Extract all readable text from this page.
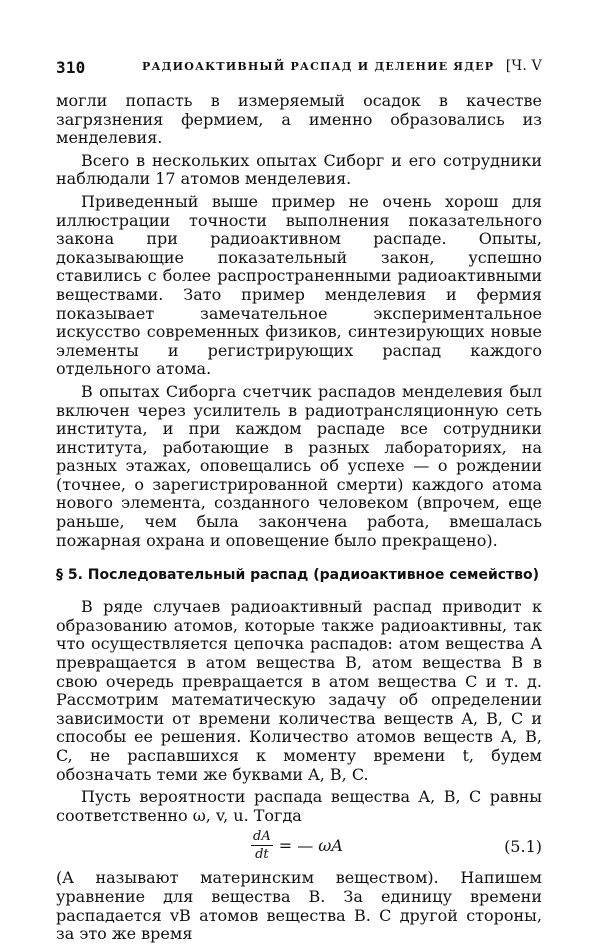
310	РАДИОАКТИВНЫЙ РАСПАД И ДЕЛЕНИЕ ЯДЕР [Ч. V

могли попасть в измеряемый осадок в качестве загрязнения фермием, а именно образовались из менделевия.

Всего в нескольких опытах Сиборг и его сотрудники наблюдали 17 атомов менделевия.

Приведенный выше пример не очень хорош для иллюстрации точности выполнения показательного закона при радиоактивном распаде. Опыты, доказывающие показательный закон, успешно ставились с более распространенными радиоактивными веществами. Зато пример менделевия и фермия показывает замечательное экспериментальное искусство современных физиков, синтезирующих новые элементы и регистрирующих распад каждого отдельного атома.

В опытах Сиборга счетчик распадов менделевия был включен через усилитель в радиотрансляционную сеть института, и при каждом распаде все сотрудники института, работающие в разных лабораториях, на разных этажах, оповещались об успехе — о рождении (точнее, о зарегистрированной смерти) каждого атома нового элемента, созданного человеком (впрочем, еще раньше, чем была закончена работа, вмешалась пожарная охрана и оповещение было прекращено).

§ 5. Последовательный распад (радиоактивное семейство)

В ряде случаев радиоактивный распад приводит к образованию атомов, которые также радиоактивны, так что осуществляется цепочка распадов: атом вещества A превращается в атом вещества B, атом вещества B в свою очередь превращается в атом вещества C и т. д. Рассмотрим математическую задачу об определении зависимости от времени количества веществ A, B, C и способы ее решения. Количество атомов веществ A, B, C, не распавшихся к моменту времени t, будем обозначать теми же буквами A, B, C.

Пусть вероятности распада вещества A, B, C равны соответственно ω, v, u. Тогда

$\frac{dA}{dt}$ = — ωA	(5.1)

(A называют материнским веществом). Напишем уравнение для вещества B. За единицу времени распадается vB атомов вещества B. С другой стороны, за это же время
